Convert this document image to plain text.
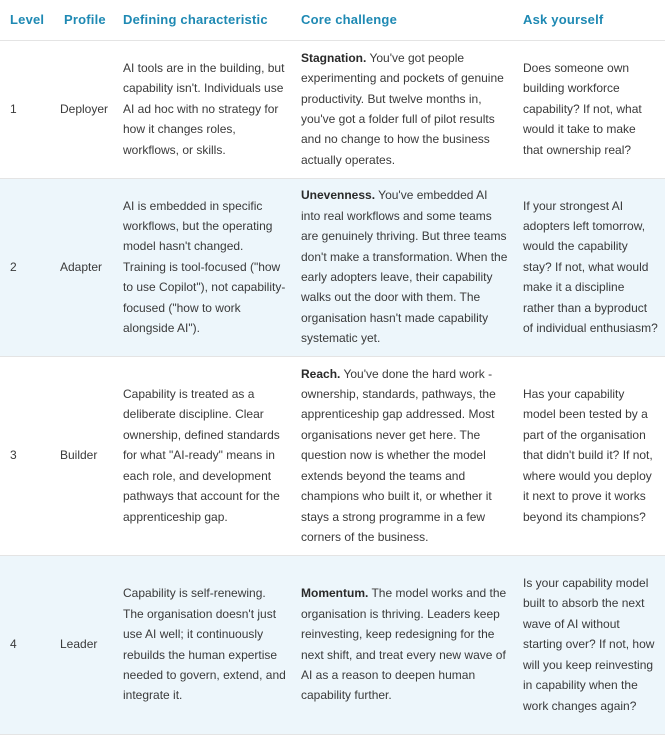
Level	Profile	Defining characteristic	Core challenge	Ask yourself
1	Deployer	AI tools are in the building, but capability isn't. Individuals use AI ad hoc with no strategy for how it changes roles, workflows, or skills.	Stagnation. You've got people experimenting and pockets of genuine productivity. But twelve months in, you've got a folder full of pilot results and no change to how the business actually operates.	Does someone own building workforce capability? If not, what would it take to make that ownership real?
2	Adapter	AI is embedded in specific workflows, but the operating model hasn't changed. Training is tool-focused ("how to use Copilot"), not capability-focused ("how to work alongside AI").	Unevenness. You've embedded AI into real workflows and some teams are genuinely thriving. But three teams don't make a transformation. When the early adopters leave, their capability walks out the door with them. The organisation hasn't made capability systematic yet.	If your strongest AI adopters left tomorrow, would the capability stay? If not, what would make it a discipline rather than a byproduct of individual enthusiasm?
3	Builder	Capability is treated as a deliberate discipline. Clear ownership, defined standards for what "AI-ready" means in each role, and development pathways that account for the apprenticeship gap.	Reach. You've done the hard work - ownership, standards, pathways, the apprenticeship gap addressed. Most organisations never get here. The question now is whether the model extends beyond the teams and champions who built it, or whether it stays a strong programme in a few corners of the business.	Has your capability model been tested by a part of the organisation that didn't build it? If not, where would you deploy it next to prove it works beyond its champions?
4	Leader	Capability is self-renewing. The organisation doesn't just use AI well; it continuously rebuilds the human expertise needed to govern, extend, and integrate it.	Momentum. The model works and the organisation is thriving. Leaders keep reinvesting, keep redesigning for the next shift, and treat every new wave of AI as a reason to deepen human capability further.	Is your capability model built to absorb the next wave of AI without starting over? If not, how will you keep reinvesting in capability when the work changes again?
